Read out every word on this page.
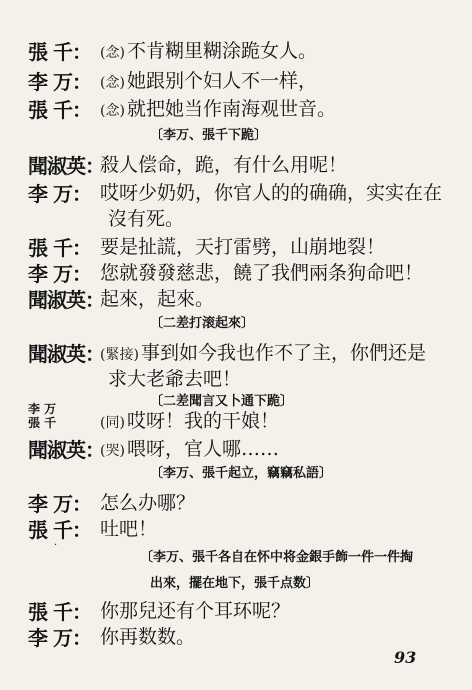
張 千： (念) 不肯糊里糊涂跪女人。
李 万： (念) 她跟别个妇人不一样，
張 千： (念) 就把她当作南海观世音。
〔李万、張千下跪〕
聞淑英：
殺人偿命，跪，有什么用呢！
李 万： 哎呀少奶奶，你官人的的确确，实实在在
沒有死。
張 千： 要是扯謊，天打雷劈，山崩地裂！
李 万： 您就發發慈悲，饒了我們兩条狗命吧！
聞淑英：
起來，起來。
〔二差打滚起來〕
聞淑英：
(緊接) 事到如今我也作不了主，你們还是
求大老爺去吧！
〔二差聞言又卜通下跪〕
李 万
張 千	(同) 哎呀！我的干娘！
聞淑英：
(哭) 喂呀，官人哪……
〔李万、張千起立，竊竊私語〕
李 万： 怎么办哪？
張 千： 吐吧！
〔李万、張千各自在怀中将金銀手飾一件一件掏
出來，擺在地下，張千点数〕
張 千： 你那兒还有个耳环呢？
李 万： 你再数数。
93
·
